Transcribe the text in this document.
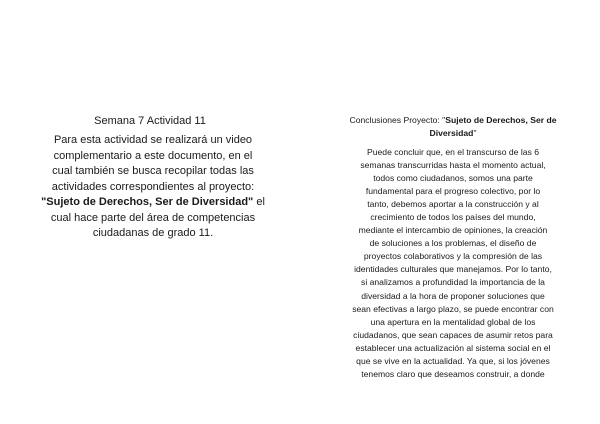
Semana 7 Actividad 11
Para esta actividad se realizará un video
complementario a este documento, en el
cual también se busca recopilar todas las
actividades correspondientes al proyecto:
"Sujeto de Derechos, Ser de Diversidad" el
cual hace parte del área de competencias
ciudadanas de grado 11.
Conclusiones Proyecto: "Sujeto de Derechos, Ser de
Diversidad"
Puede concluir que, en el transcurso de las 6
semanas transcurridas hasta el momento actual,
todos como ciudadanos, somos una parte
fundamental para el progreso colectivo, por lo
tanto, debemos aportar a la construcción y al
crecimiento de todos los países del mundo,
mediante el intercambio de opiniones, la creación
de soluciones a los problemas, el diseño de
proyectos colaborativos y la compresión de las
identidades culturales que manejamos. Por lo tanto,
si analizamos a profundidad la importancia de la
diversidad a la hora de proponer soluciones que
sean efectivas a largo plazo, se puede encontrar con
una apertura en la mentalidad global de los
ciudadanos, que sean capaces de asumir retos para
establecer una actualización al sistema social en el
que se vive en la actualidad. Ya que, si los jóvenes
tenemos claro que deseamos construir, a donde
